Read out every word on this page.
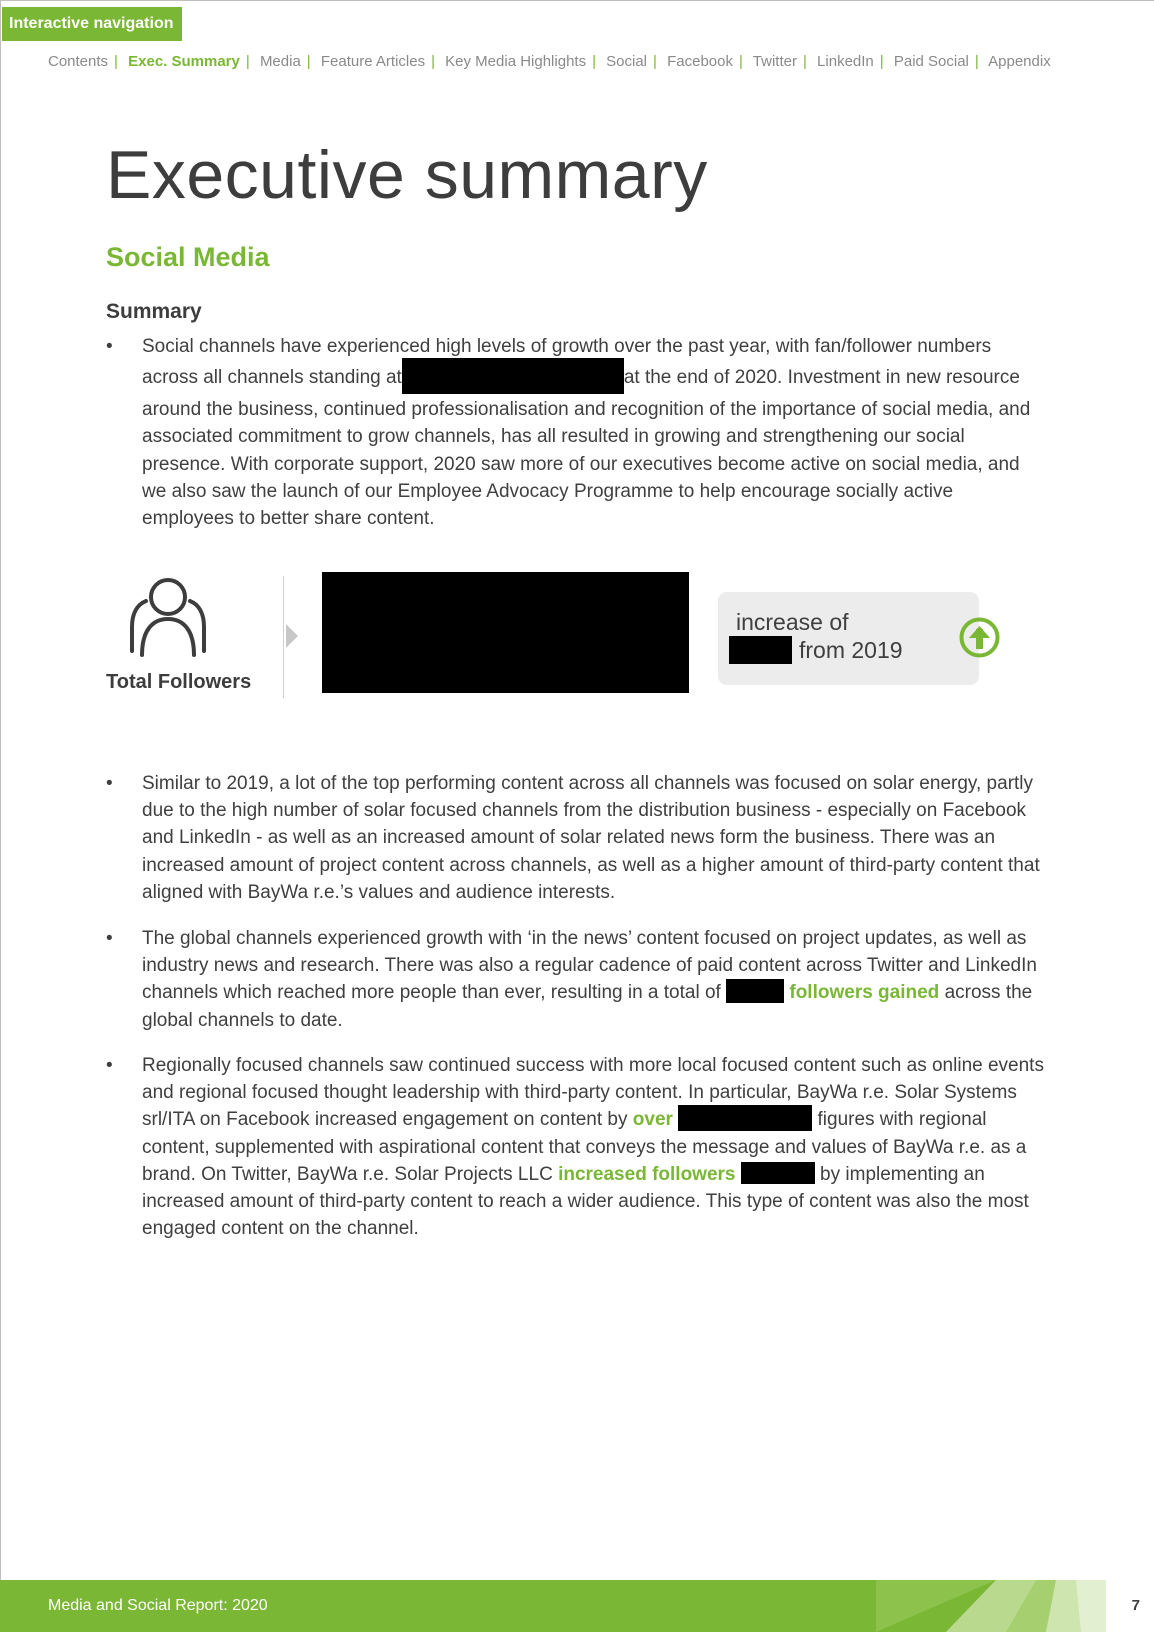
Interactive navigation
Contents | Exec. Summary | Media | Feature Articles | Key Media Highlights | Social | Facebook | Twitter | LinkedIn | Paid Social | Appendix
Executive summary
Social Media
Summary
• Social channels have experienced high levels of growth over the past year, with fan/follower numbers across all channels standing at	at the end of 2020. Investment in new resource around the business, continued professionalisation and recognition of the importance of social media, and associated commitment to grow channels, has all resulted in growing and strengthening our social presence. With corporate support, 2020 saw more of our executives become active on social media, and we also saw the launch of our Employee Advocacy Programme to help encourage socially active employees to better share content.
Total Followers
increase of
from 2019
• Similar to 2019, a lot of the top performing content across all channels was focused on solar energy, partly due to the high number of solar focused channels from the distribution business - especially on Facebook and LinkedIn - as well as an increased amount of solar related news form the business. There was an increased amount of project content across channels, as well as a higher amount of third-party content that aligned with BayWa r.e.’s values and audience interests.
• The global channels experienced growth with ‘in the news’ content focused on project updates, as well as industry news and research. There was also a regular cadence of paid content across Twitter and LinkedIn channels which reached more people than ever, resulting in a total of	followers gained across the global channels to date.
• Regionally focused channels saw continued success with more local focused content such as online events and regional focused thought leadership with third-party content. In particular, BayWa r.e. Solar Systems srl/ITA on Facebook increased engagement on content by over	figures with regional content, supplemented with aspirational content that conveys the message and values of BayWa r.e. as a brand. On Twitter, BayWa r.e. Solar Projects LLC increased followers	by implementing an increased amount of third-party content to reach a wider audience. This type of content was also the most engaged content on the channel.
Media and Social Report: 2020	7
